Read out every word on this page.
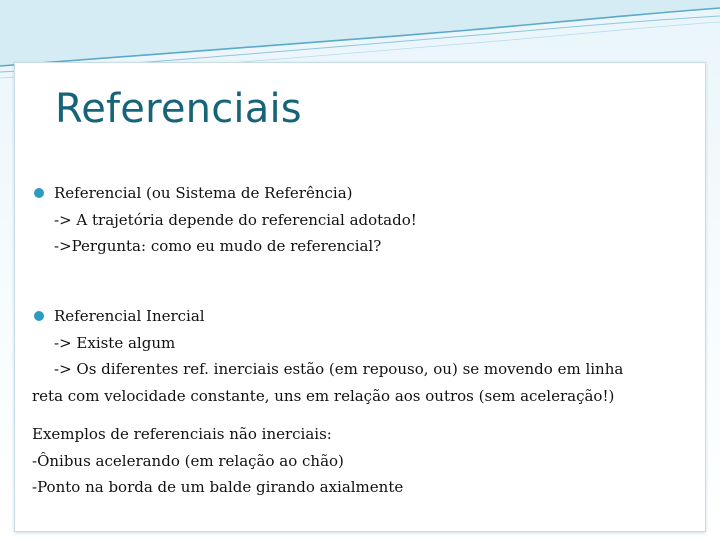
Referenciais
Referencial (ou Sistema de Referência)
-> A trajetória depende do referencial adotado!
->Pergunta: como eu mudo de referencial?
Referencial Inercial
-> Existe algum
-> Os diferentes ref. inerciais estão (em repouso, ou) se movendo em linha
reta com velocidade constante, uns em relação aos outros (sem aceleração!)
Exemplos de referenciais não inerciais:
-Ônibus acelerando (em relação ao chão)
-Ponto na borda de um balde girando axialmente
